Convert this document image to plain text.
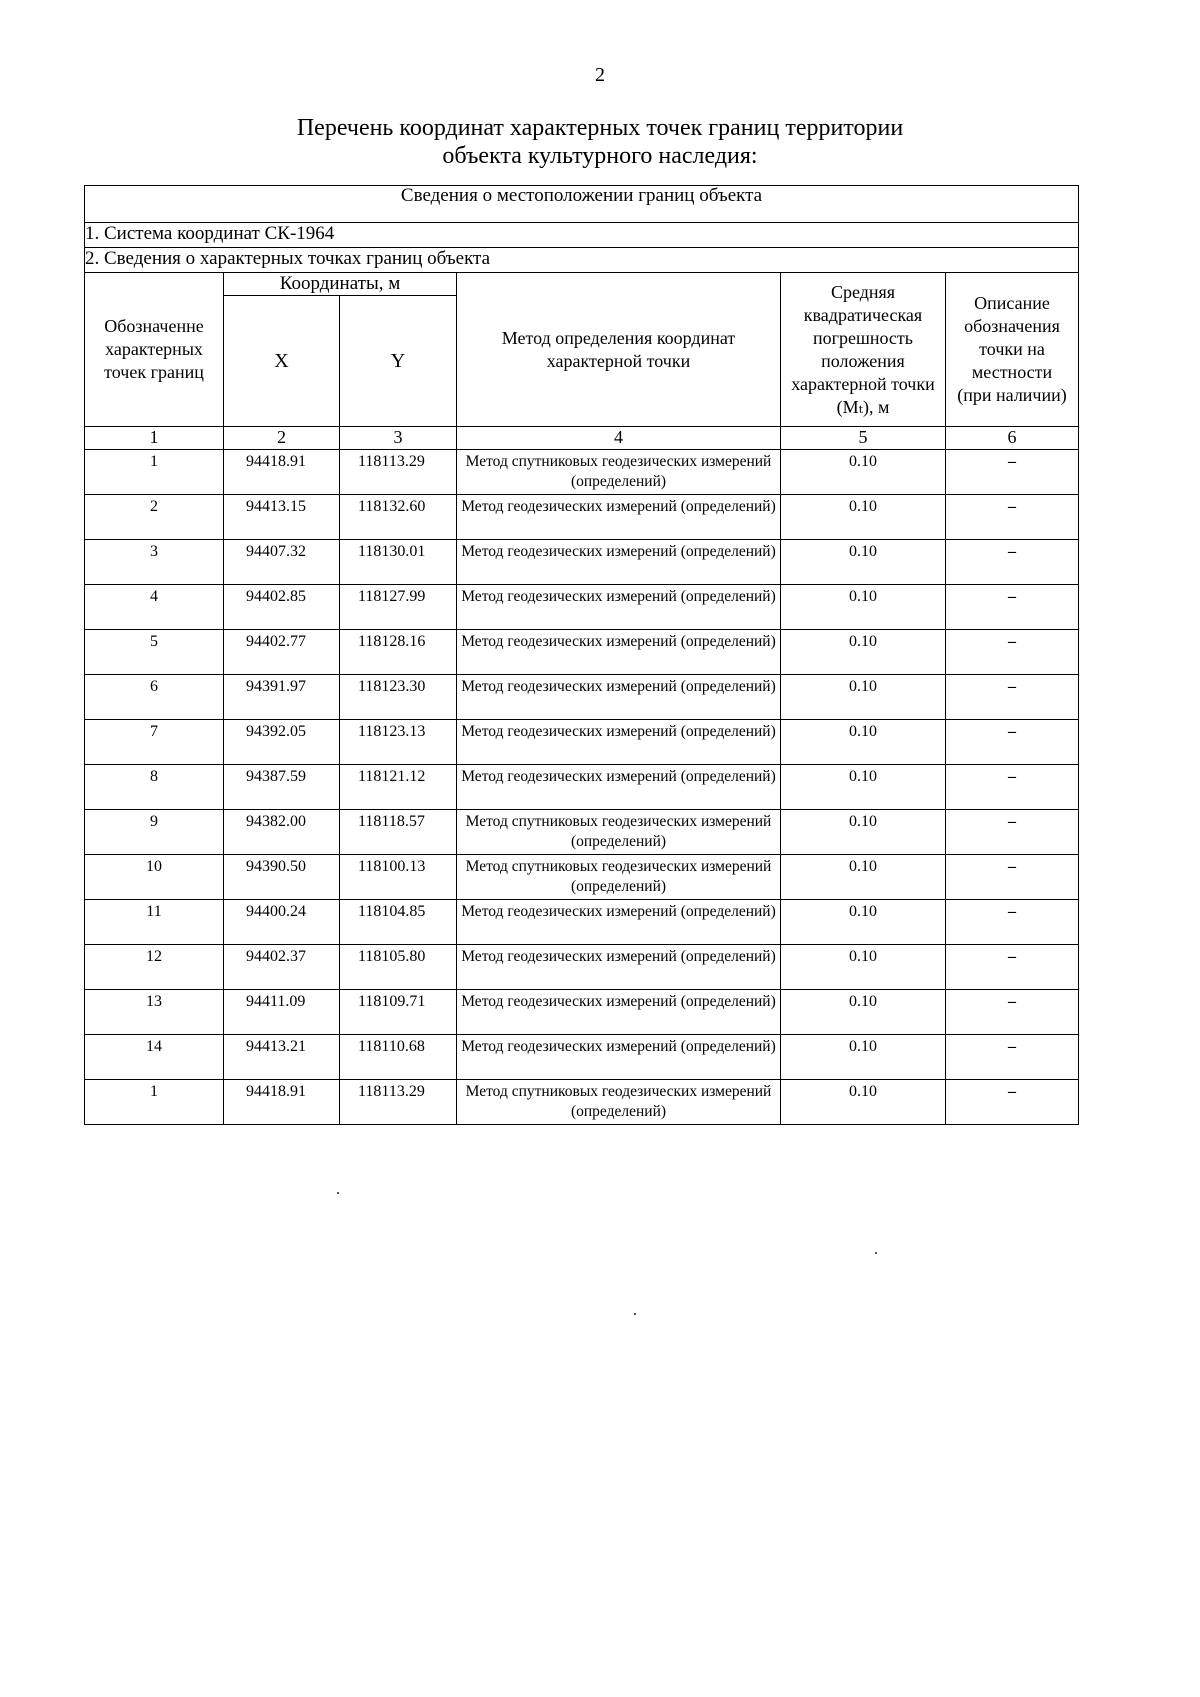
2
Перечень координат характерных точек границ территории
объекта культурного наследия:
Сведения о местоположении границ объекта					
1. Система координат СК-1964					
2. Сведения о характерных точках границ объекта					
Обозначенне характерных точек границ	Координаты, м		Метод определения координат характерной точки	Средняя квадратическая погрешность положения характерной точки (Mₜ), м	Описание обозначения точки на местности (при наличии)
	X	Y			
1	2	3	4	5	6
1	94418.91	118113.29	Метод спутниковых геодезических измерений (определений)	0.10	–
2	94413.15	118132.60	Метод геодезических измерений (определений)	0.10	–
3	94407.32	118130.01	Метод геодезических измерений (определений)	0.10	–
4	94402.85	118127.99	Метод геодезических измерений (определений)	0.10	–
5	94402.77	118128.16	Метод геодезических измерений (определений)	0.10	–
6	94391.97	118123.30	Метод геодезических измерений (определений)	0.10	–
7	94392.05	118123.13	Метод геодезических измерений (определений)	0.10	–
8	94387.59	118121.12	Метод геодезических измерений (определений)	0.10	–
9	94382.00	118118.57	Метод спутниковых геодезических измерений (определений)	0.10	–
10	94390.50	118100.13	Метод спутниковых геодезических измерений (определений)	0.10	–
11	94400.24	118104.85	Метод геодезических измерений (определений)	0.10	–
12	94402.37	118105.80	Метод геодезических измерений (определений)	0.10	–
13	94411.09	118109.71	Метод геодезических измерений (определений)	0.10	–
14	94413.21	118110.68	Метод геодезических измерений (определений)	0.10	–
1	94418.91	118113.29	Метод спутниковых геодезических измерений (определений)	0.10	–
